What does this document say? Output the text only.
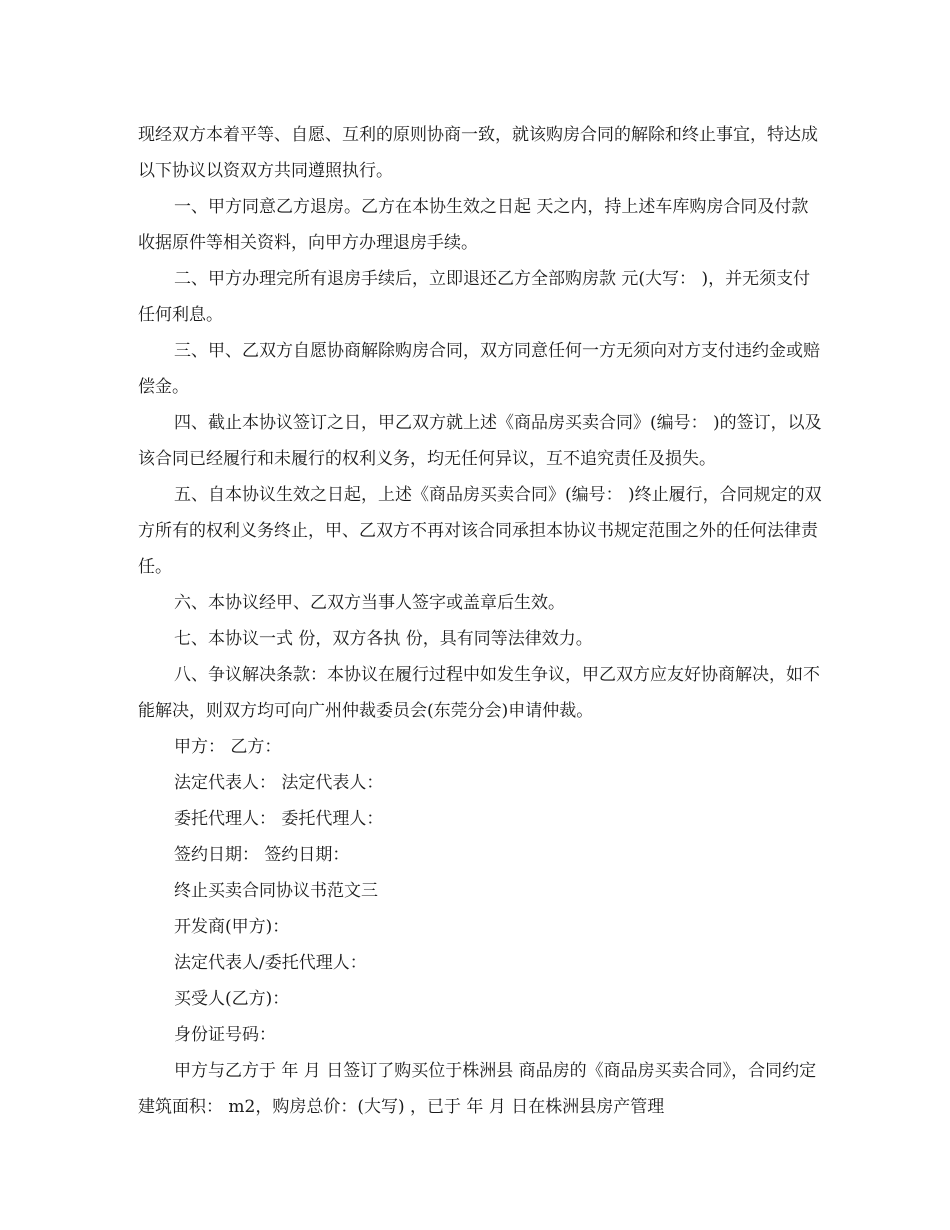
现经双方本着平等、自愿、互利的原则协商一致，就该购房合同的解除和终止事宜，特达成以下协议以资双方共同遵照执行。

一、甲方同意乙方退房。乙方在本协生效之日起 天之内，持上述车库购房合同及付款收据原件等相关资料，向甲方办理退房手续。

二、甲方办理完所有退房手续后，立即退还乙方全部购房款 元(大写： )，并无须支付任何利息。

三、甲、乙双方自愿协商解除购房合同，双方同意任何一方无须向对方支付违约金或赔偿金。

四、截止本协议签订之日，甲乙双方就上述《商品房买卖合同》(编号： )的签订，以及该合同已经履行和未履行的权利义务，均无任何异议，互不追究责任及损失。

五、自本协议生效之日起，上述《商品房买卖合同》(编号： )终止履行，合同规定的双方所有的权利义务终止，甲、乙双方不再对该合同承担本协议书规定范围之外的任何法律责任。

六、本协议经甲、乙双方当事人签字或盖章后生效。

七、本协议一式 份，双方各执 份，具有同等法律效力。

八、争议解决条款：本协议在履行过程中如发生争议，甲乙双方应友好协商解决，如不能解决，则双方均可向广州仲裁委员会(东莞分会)申请仲裁。

甲方： 乙方：

法定代表人： 法定代表人：

委托代理人： 委托代理人：

签约日期： 签约日期：

终止买卖合同协议书范文三

开发商(甲方)：

法定代表人/委托代理人：

买受人(乙方)：

身份证号码：

甲方与乙方于 年 月 日签订了购买位于株洲县 商品房的《商品房买卖合同》，合同约定建筑面积： m2，购房总价：(大写) ，已于 年 月 日在株洲县房产管理
